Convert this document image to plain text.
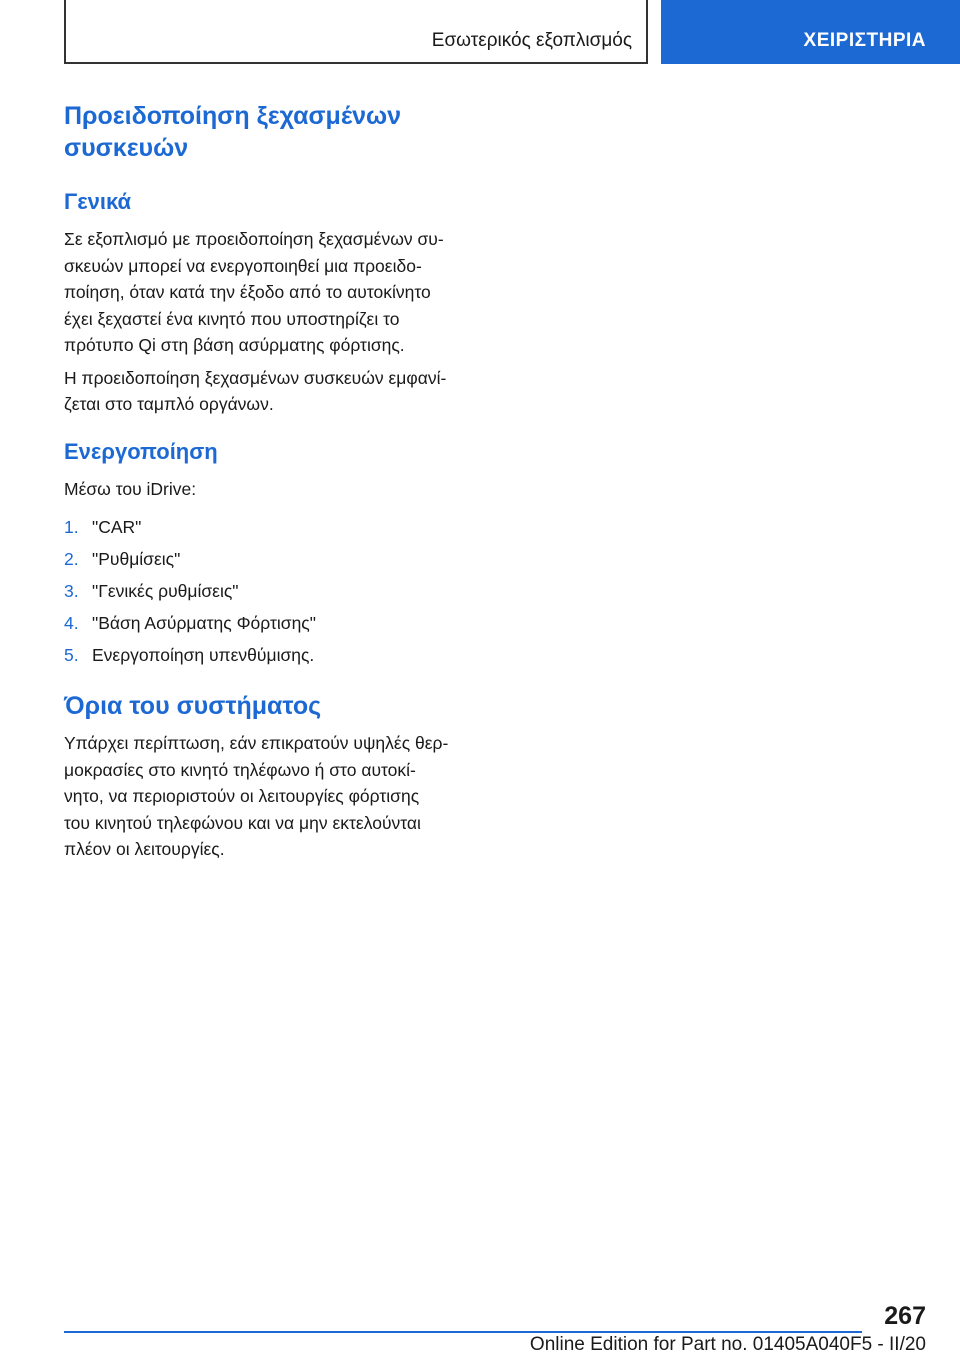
Εσωτερικός εξοπλισμός	ΧΕΙΡΙΣΤΗΡΙΑ
Προειδοποίηση ξεχασμένων
συσκευών
Γενικά

Σε εξοπλισμό με προειδοποίηση ξεχασμένων συ-
σκευών μπορεί να ενεργοποιηθεί μια προειδο-
ποίηση, όταν κατά την έξοδο από το αυτοκίνητο
έχει ξεχαστεί ένα κινητό που υποστηρίζει το
πρότυπο Qi στη βάση ασύρματης φόρτισης.

Η προειδοποίηση ξεχασμένων συσκευών εμφανί-
ζεται στο ταμπλό οργάνων.

Ενεργοποίηση

Μέσω του iDrive:

1. "CAR"
2. "Ρυθμίσεις"
3. "Γενικές ρυθμίσεις"
4. "Βάση Ασύρματης Φόρτισης"
5. Ενεργοποίηση υπενθύμισης.
Όρια του συστήματος

Υπάρχει περίπτωση, εάν επικρατούν υψηλές θερ-
μοκρασίες στο κινητό τηλέφωνο ή στο αυτοκί-
νητο, να περιοριστούν οι λειτουργίες φόρτισης
του κινητού τηλεφώνου και να μην εκτελούνται
πλέον οι λειτουργίες.

267
Online Edition for Part no. 01405A040F5 - II/20
